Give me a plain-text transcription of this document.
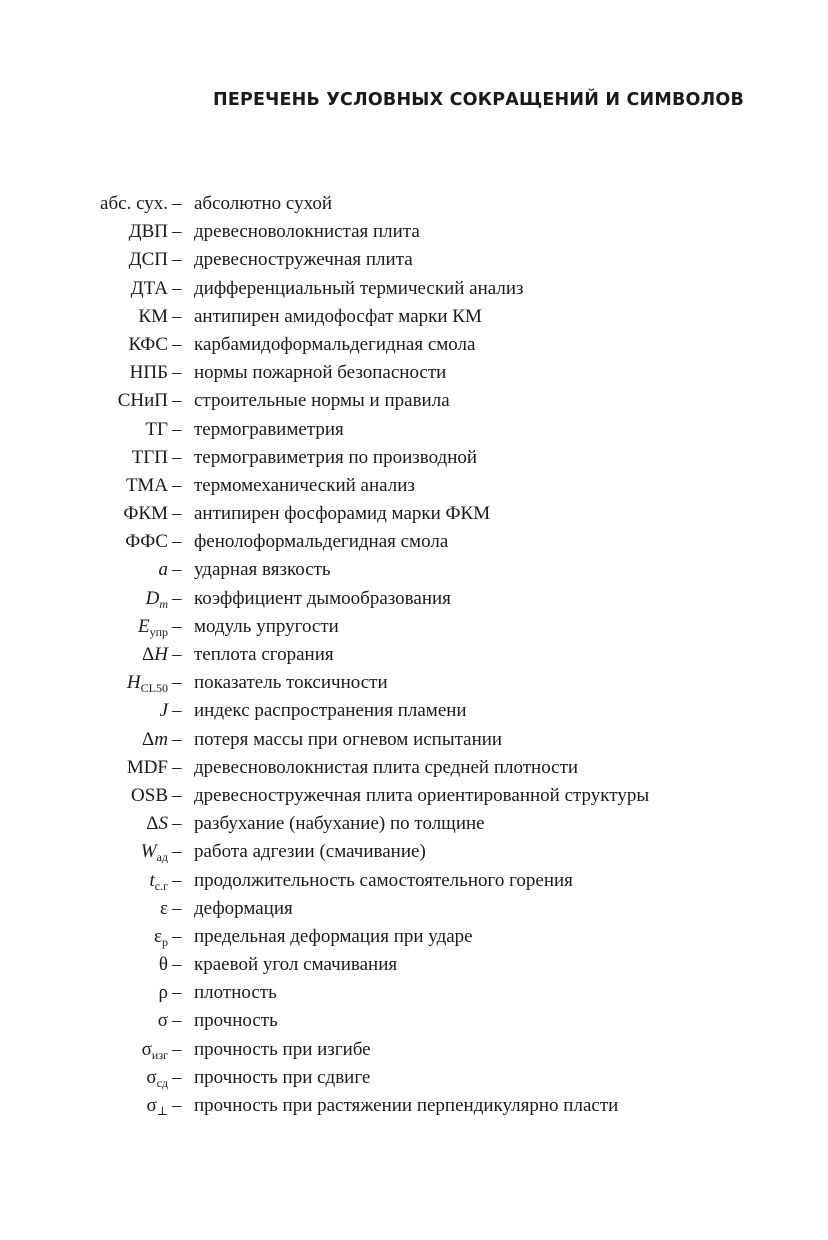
ПЕРЕЧЕНЬ УСЛОВНЫХ СОКРАЩЕНИЙ И СИМВОЛОВ
абс. сух. – абсолютно сухой
ДВП – древесноволокнистая плита
ДСП – древесностружечная плита
ДТА – дифференциальный термический анализ
КМ – антипирен амидофосфат марки КМ
КФС – карбамидоформальдегидная смола
НПБ – нормы пожарной безопасности
СНиП – строительные нормы и правила
ТГ – термогравиметрия
ТГП – термогравиметрия по производной
ТМА – термомеханический анализ
ФКМ – антипирен фосфорамид марки ФКМ
ФФС – фенолоформальдегидная смола
a – ударная вязкость
$D_m$ – коэффициент дымообразования
$E_{упр}$ – модуль упругости
ΔH – теплота сгорания
$H_{CL50}$ – показатель токсичности
J – индекс распространения пламени
Δm – потеря массы при огневом испытании
MDF – древесноволокнистая плита средней плотности
OSB – древесностружечная плита ориентированной структуры
ΔS – разбухание (набухание) по толщине
$W_{ад}$ – работа адгезии (смачивание)
$t_{с.г}$ – продолжительность самостоятельного горения
ε – деформация
$\varepsilon_р$ – предельная деформация при ударе
θ – краевой угол смачивания
ρ – плотность
σ – прочность
$\sigma_{изг}$ – прочность при изгибе
$\sigma_{сд}$ – прочность при сдвиге
$\sigma_\perp$ – прочность при растяжении перпендикулярно пласти
